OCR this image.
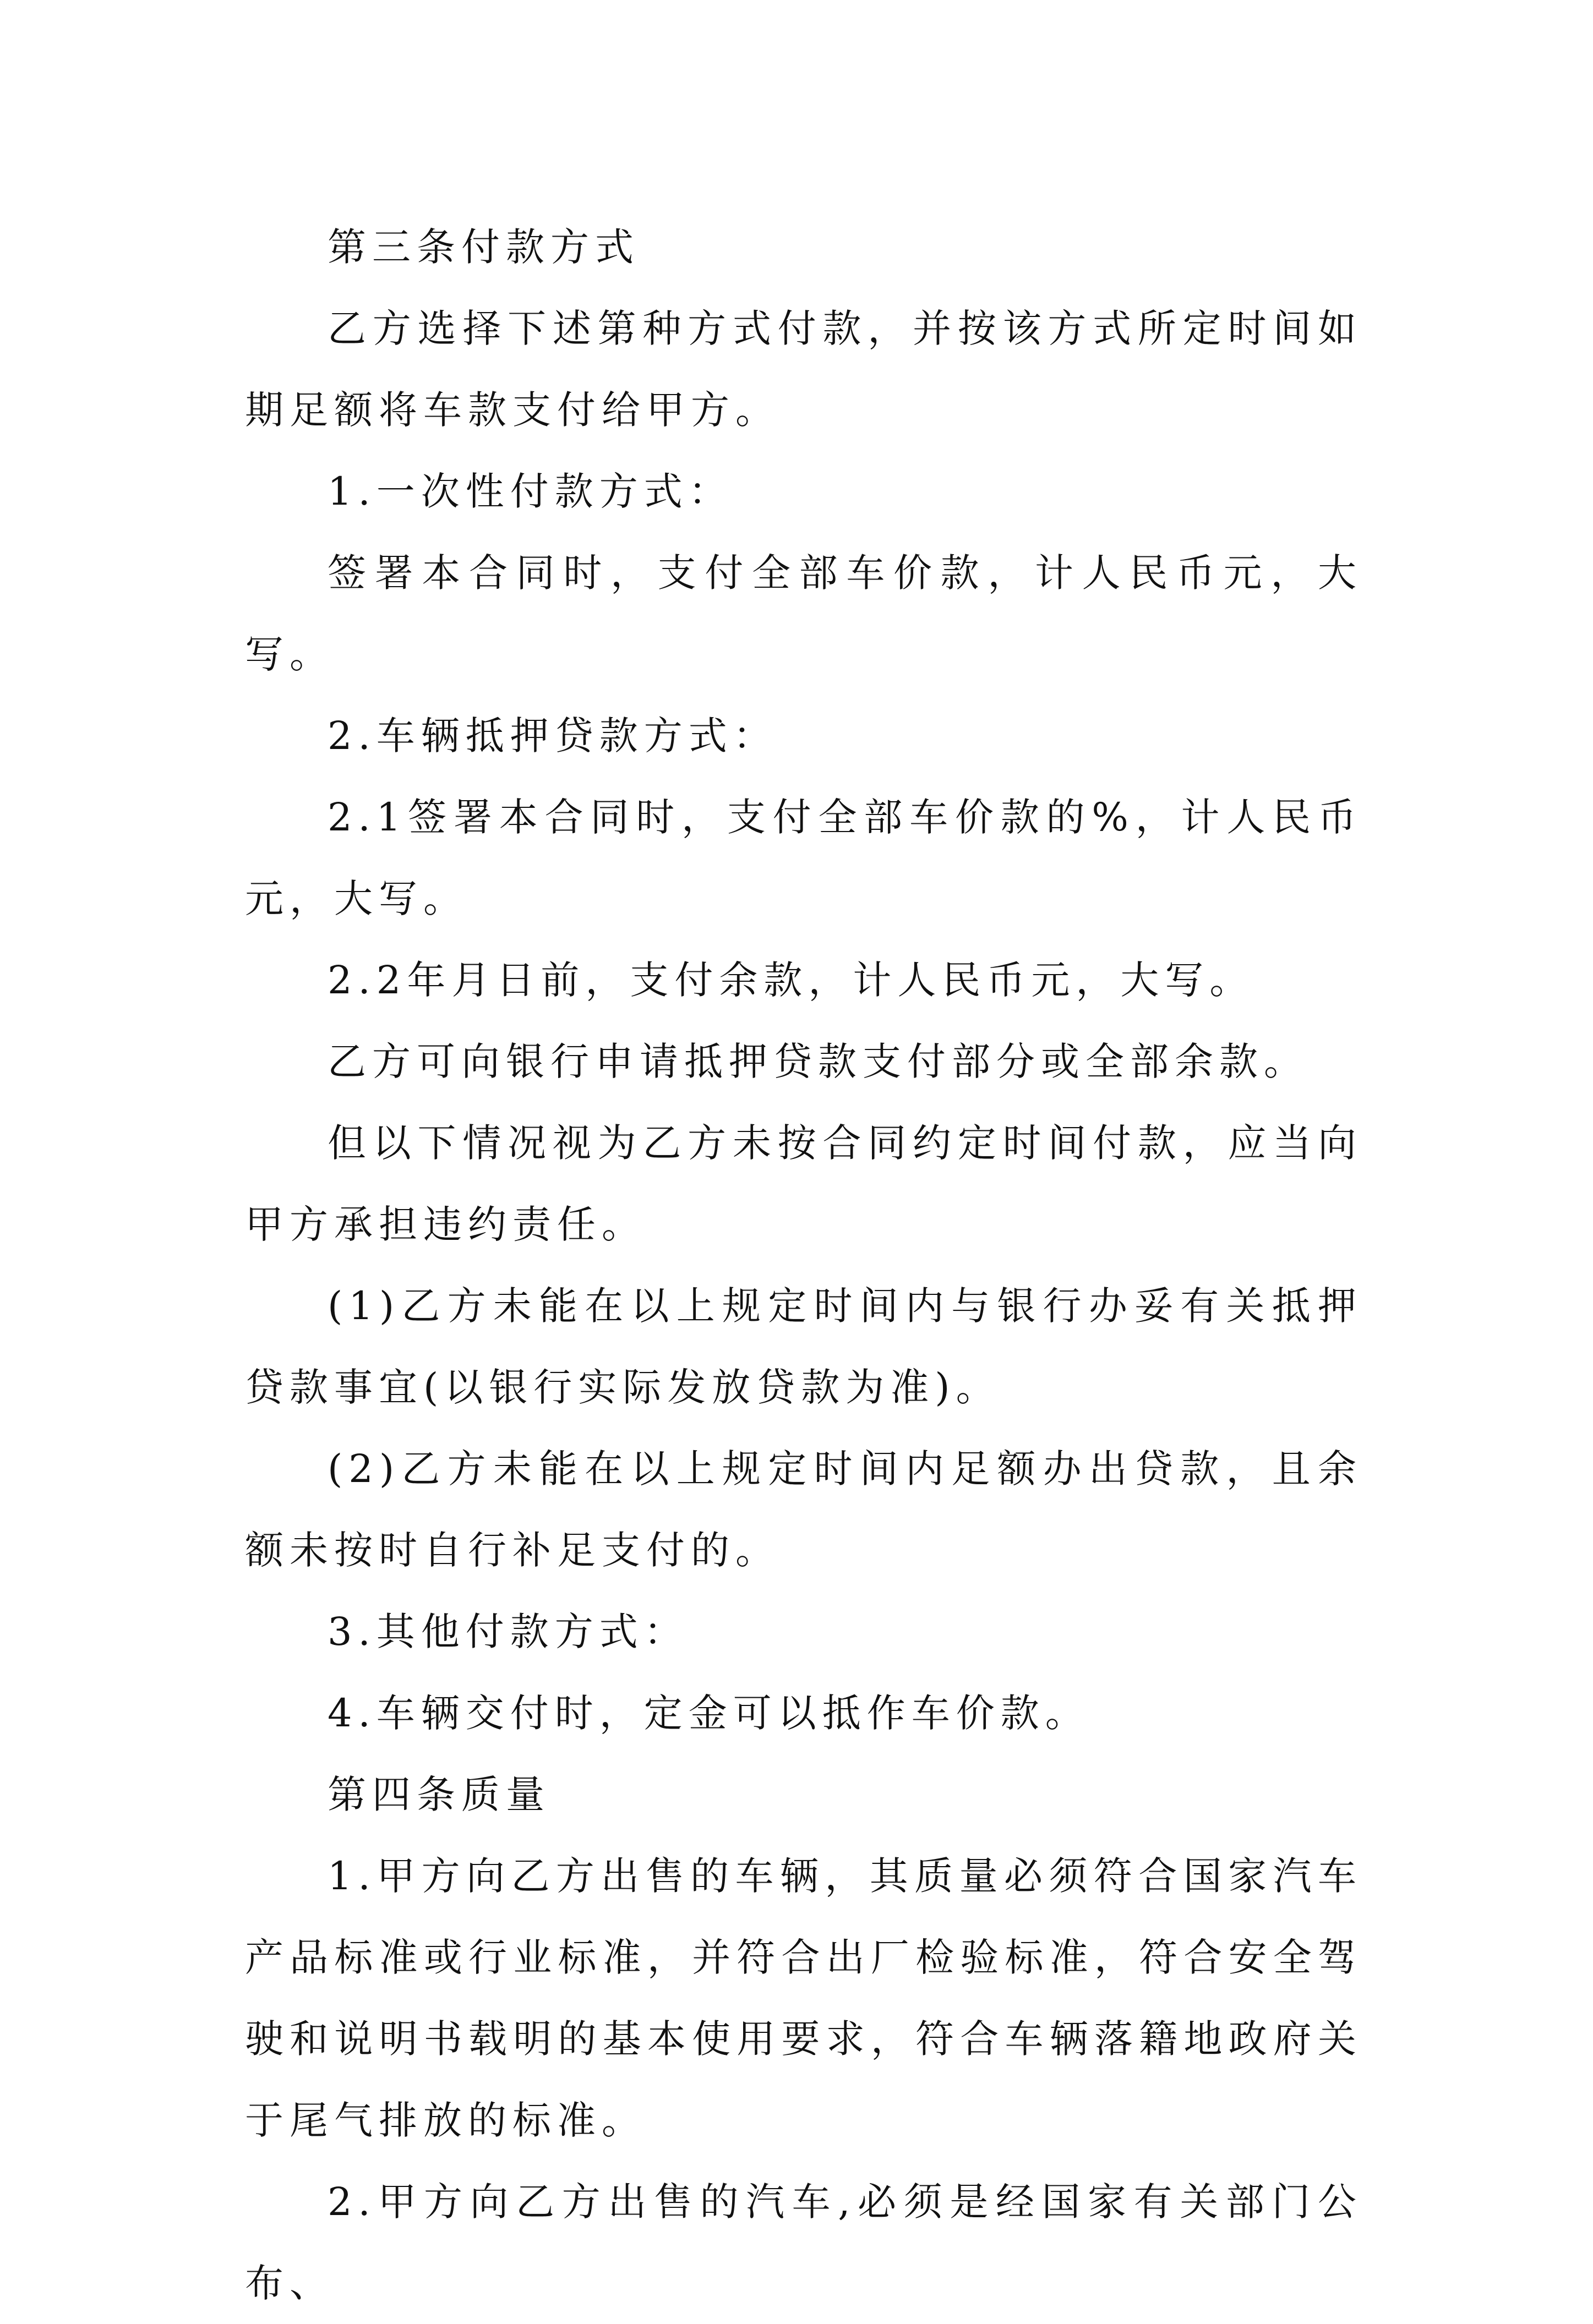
第三条付款方式

乙方选择下述第种方式付款，并按该方式所定时间如期足额将车款支付给甲方。

1.一次性付款方式：

签署本合同时，支付全部车价款，计人民币元，大写。

2.车辆抵押贷款方式：

2.1签署本合同时，支付全部车价款的%，计人民币元，大写。

2.2年月日前，支付余款，计人民币元，大写。

乙方可向银行申请抵押贷款支付部分或全部余款。

但以下情况视为乙方未按合同约定时间付款，应当向甲方承担违约责任。

(1)乙方未能在以上规定时间内与银行办妥有关抵押贷款事宜(以银行实际发放贷款为准)。

(2)乙方未能在以上规定时间内足额办出贷款，且余额未按时自行补足支付的。

3.其他付款方式：

4.车辆交付时，定金可以抵作车价款。

第四条质量

1.甲方向乙方出售的车辆，其质量必须符合国家汽车产品标准或行业标准，并符合出厂检验标准，符合安全驾驶和说明书载明的基本使用要求，符合车辆落籍地政府关于尾气排放的标准。

2.甲方向乙方出售的汽车,必须是经国家有关部门公布、
